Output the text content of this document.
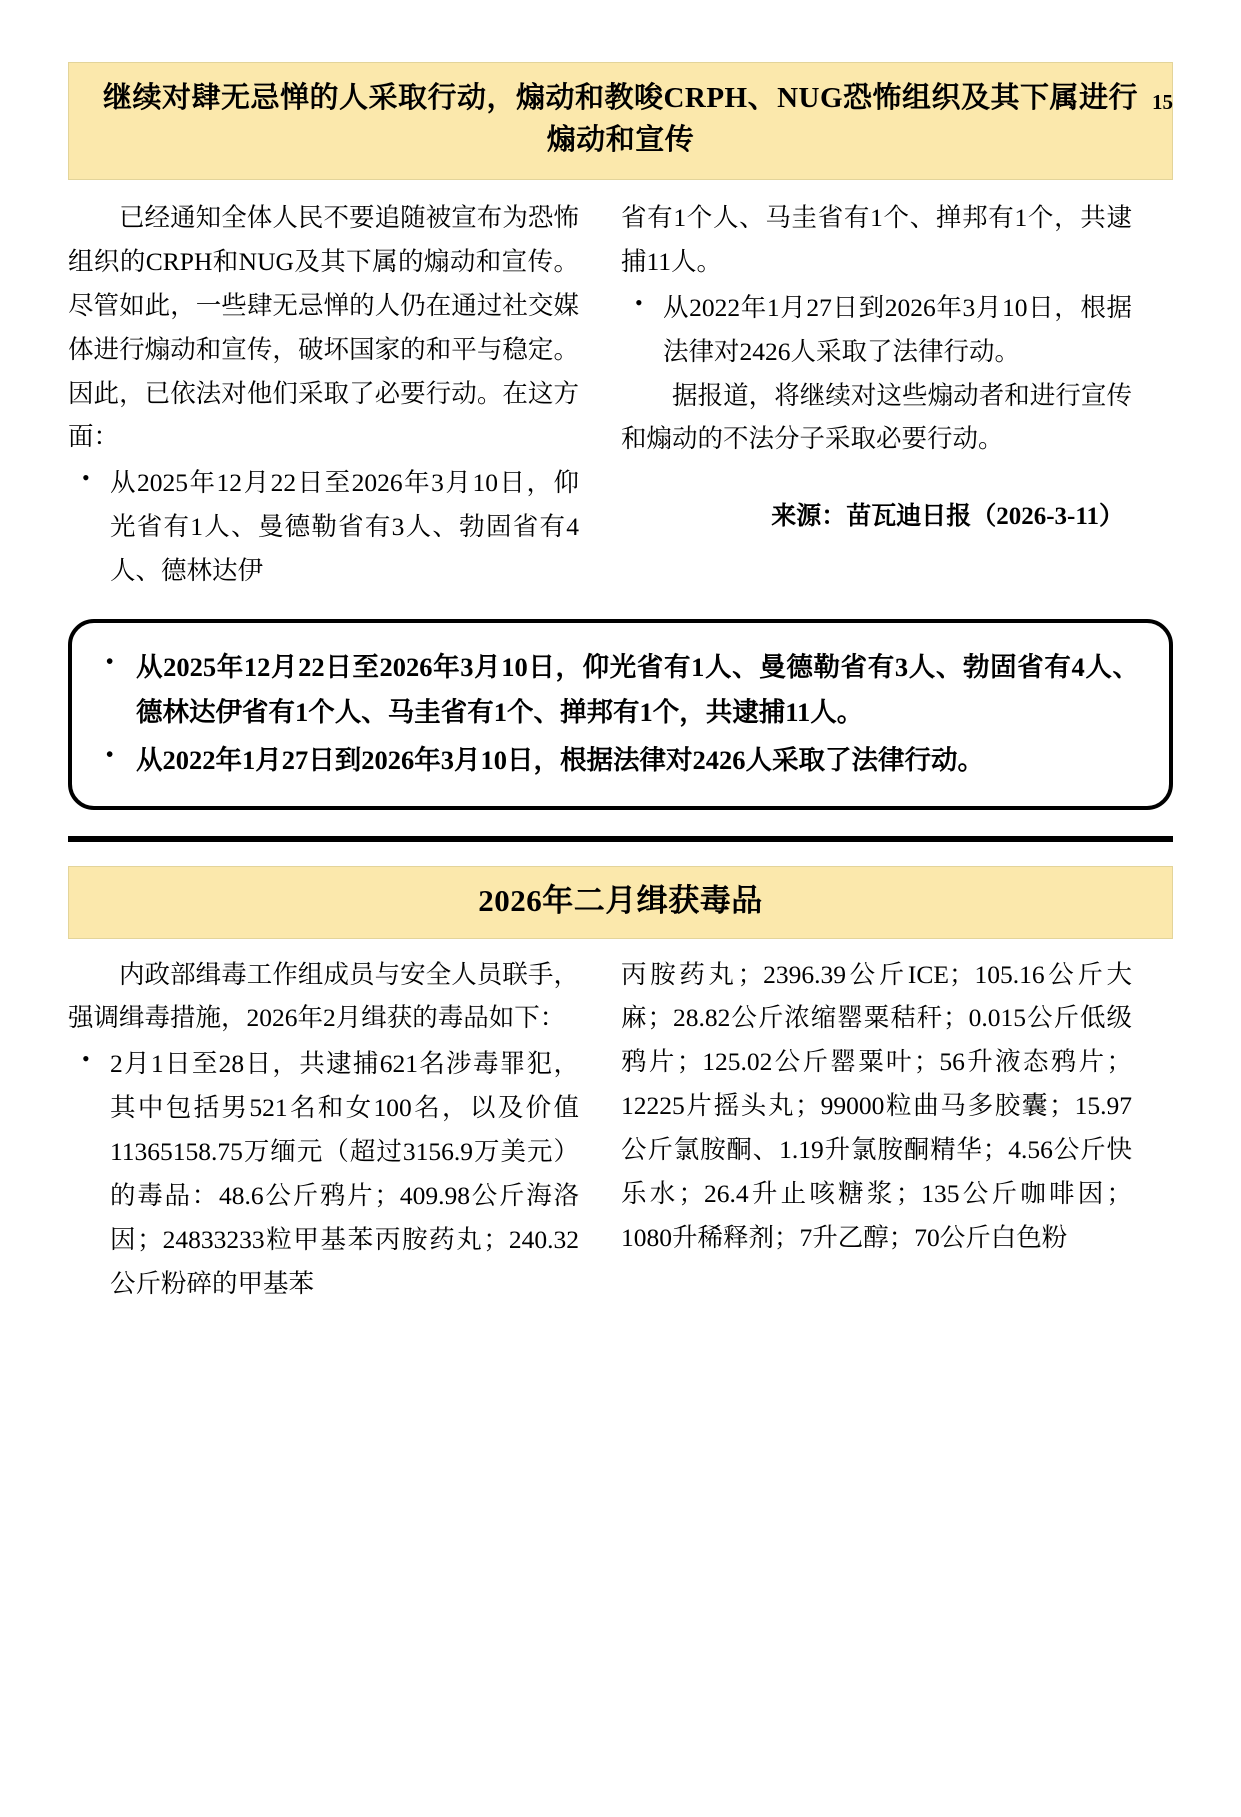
15
继续对肆无忌惮的人采取行动，煽动和教唆CRPH、NUG恐怖组织及其下属进行煽动和宣传

已经通知全体人民不要追随被宣布为恐怖组织的CRPH和NUG及其下属的煽动和宣传。尽管如此，一些肆无忌惮的人仍在通过社交媒体进行煽动和宣传，破坏国家的和平与稳定。因此，已依法对他们采取了必要行动。在这方面：

• 从2025年12月22日至2026年3月10日，仰光省有1人、曼德勒省有3人、勃固省有4人、德林达伊

省有1个人、马圭省有1个、掸邦有1个，共逮捕11人。

• 从2022年1月27日到2026年3月10日，根据法律对2426人采取了法律行动。

据报道，将继续对这些煽动者和进行宣传和煽动的不法分子采取必要行动。

来源：苗瓦迪日报（2026-3-11）
• 从2025年12月22日至2026年3月10日，仰光省有1人、曼德勒省有3人、勃固省有4人、德林达伊省有1个人、马圭省有1个、掸邦有1个，共逮捕11人。
• 从2022年1月27日到2026年3月10日，根据法律对2426人采取了法律行动。
2026年二月缉获毒品

内政部缉毒工作组成员与安全人员联手，强调缉毒措施，2026年2月缉获的毒品如下：

• 2月1日至28日，共逮捕621名涉毒罪犯，其中包括男521名和女100名，以及价值11365158.75万缅元（超过3156.9万美元）的毒品：48.6公斤鸦片；409.98公斤海洛因；24833233粒甲基苯丙胺药丸；240.32公斤粉碎的甲基苯

丙胺药丸；2396.39公斤ICE；105.16公斤大麻；28.82公斤浓缩罂粟秸秆；0.015公斤低级鸦片；125.02公斤罂粟叶；56升液态鸦片；12225片摇头丸；99000粒曲马多胶囊；15.97公斤氯胺酮、1.19升氯胺酮精华；4.56公斤快乐水；26.4升止咳糖浆；135公斤咖啡因；1080升稀释剂；7升乙醇；70公斤白色粉
